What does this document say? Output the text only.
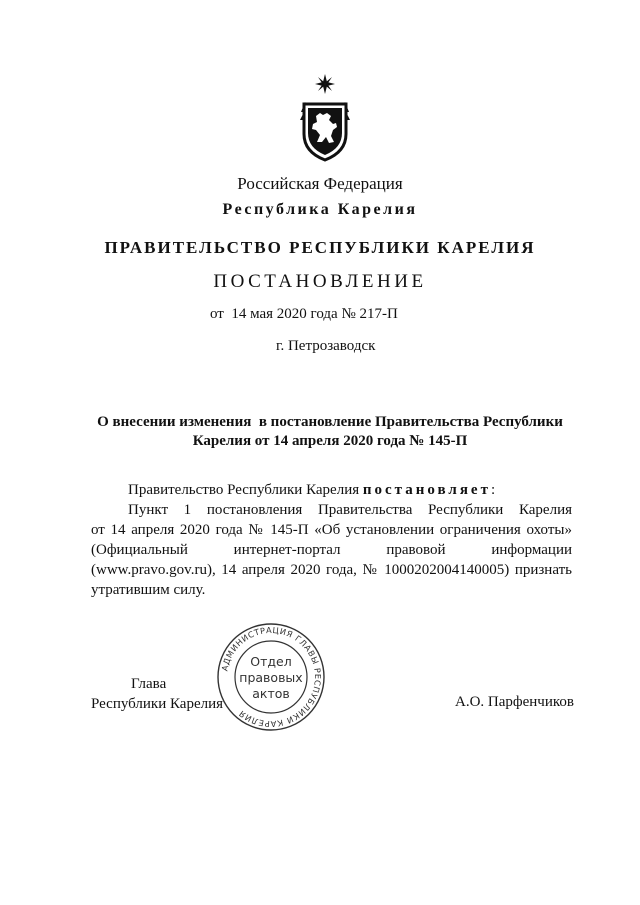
Российская Федерация
Республика Карелия
ПРАВИТЕЛЬСТВО РЕСПУБЛИКИ КАРЕЛИЯ
ПОСТАНОВЛЕНИЕ
от  14 мая 2020 года № 217-П
г. Петрозаводск
О внесении изменения  в постановление Правительства Республики
Карелия от 14 апреля 2020 года № 145-П

Правительство Республики Карелия постановляет:

Пункт 1 постановления Правительства Республики Карелия

от 14 апреля 2020 года № 145-П «Об установлении ограничения охоты»

(Официальный интернет-портал правовой информации

(www.pravo.gov.ru), 14 апреля 2020 года, № 1000202004140005) признать

утратившим силу.

Глава
Республики Карелия	А.О. Парфенчиков
АДМИНИСТРАЦИЯ ГЛАВЫ РЕСПУБЛИКИ КАРЕЛИЯ
Отдел
правовых
актов
